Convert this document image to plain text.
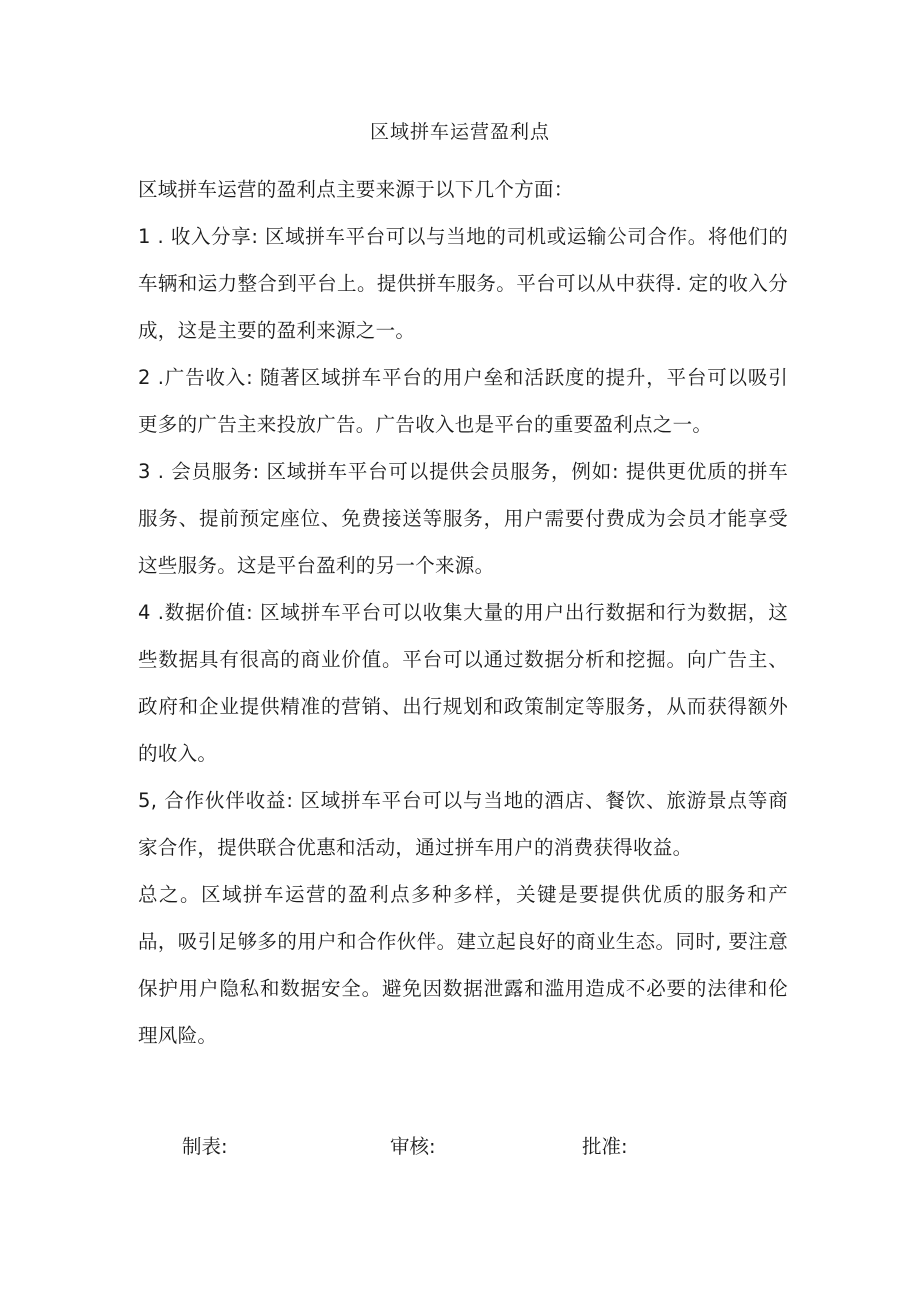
区域拼车运营盈利点

区域拼车运营的盈利点主要来源于以下几个方面：

1 . 收入分享: 区域拼车平台可以与当地的司机或运输公司合作。将他们的车辆和运力整合到平台上。提供拼车服务。平台可以从中获得. 定的收入分成，这是主要的盈利来源之一。

2 .广告收入: 随著区域拼车平台的用户垒和活跃度的提升，平台可以吸引更多的广告主来投放广告。广告收入也是平台的重要盈利点之一。

3 . 会员服务: 区域拼车平台可以提供会员服务，例如: 提供更优质的拼车服务、提前预定座位、免费接送等服务，用户需要付费成为会员才能享受这些服务。这是平台盈利的另一个来源。

4 .数据价值: 区域拼车平台可以收集大量的用户出行数据和行为数据，这些数据具有很高的商业价值。平台可以通过数据分析和挖掘。向广告主、政府和企业提供精准的营销、出行规划和政策制定等服务，从而获得额外的收入。

5, 合作伙伴收益: 区域拼车平台可以与当地的酒店、餐饮、旅游景点等商家合作，提供联合优惠和活动，通过拼车用户的消费获得收益。

总之。区域拼车运营的盈利点多种多样，关键是要提供优质的服务和产品，吸引足够多的用户和合作伙伴。建立起良好的商业生态。同时, 要注意保护用户隐私和数据安全。避免因数据泄露和滥用造成不必要的法律和伦理风险。

制表:	审核:	批准:
